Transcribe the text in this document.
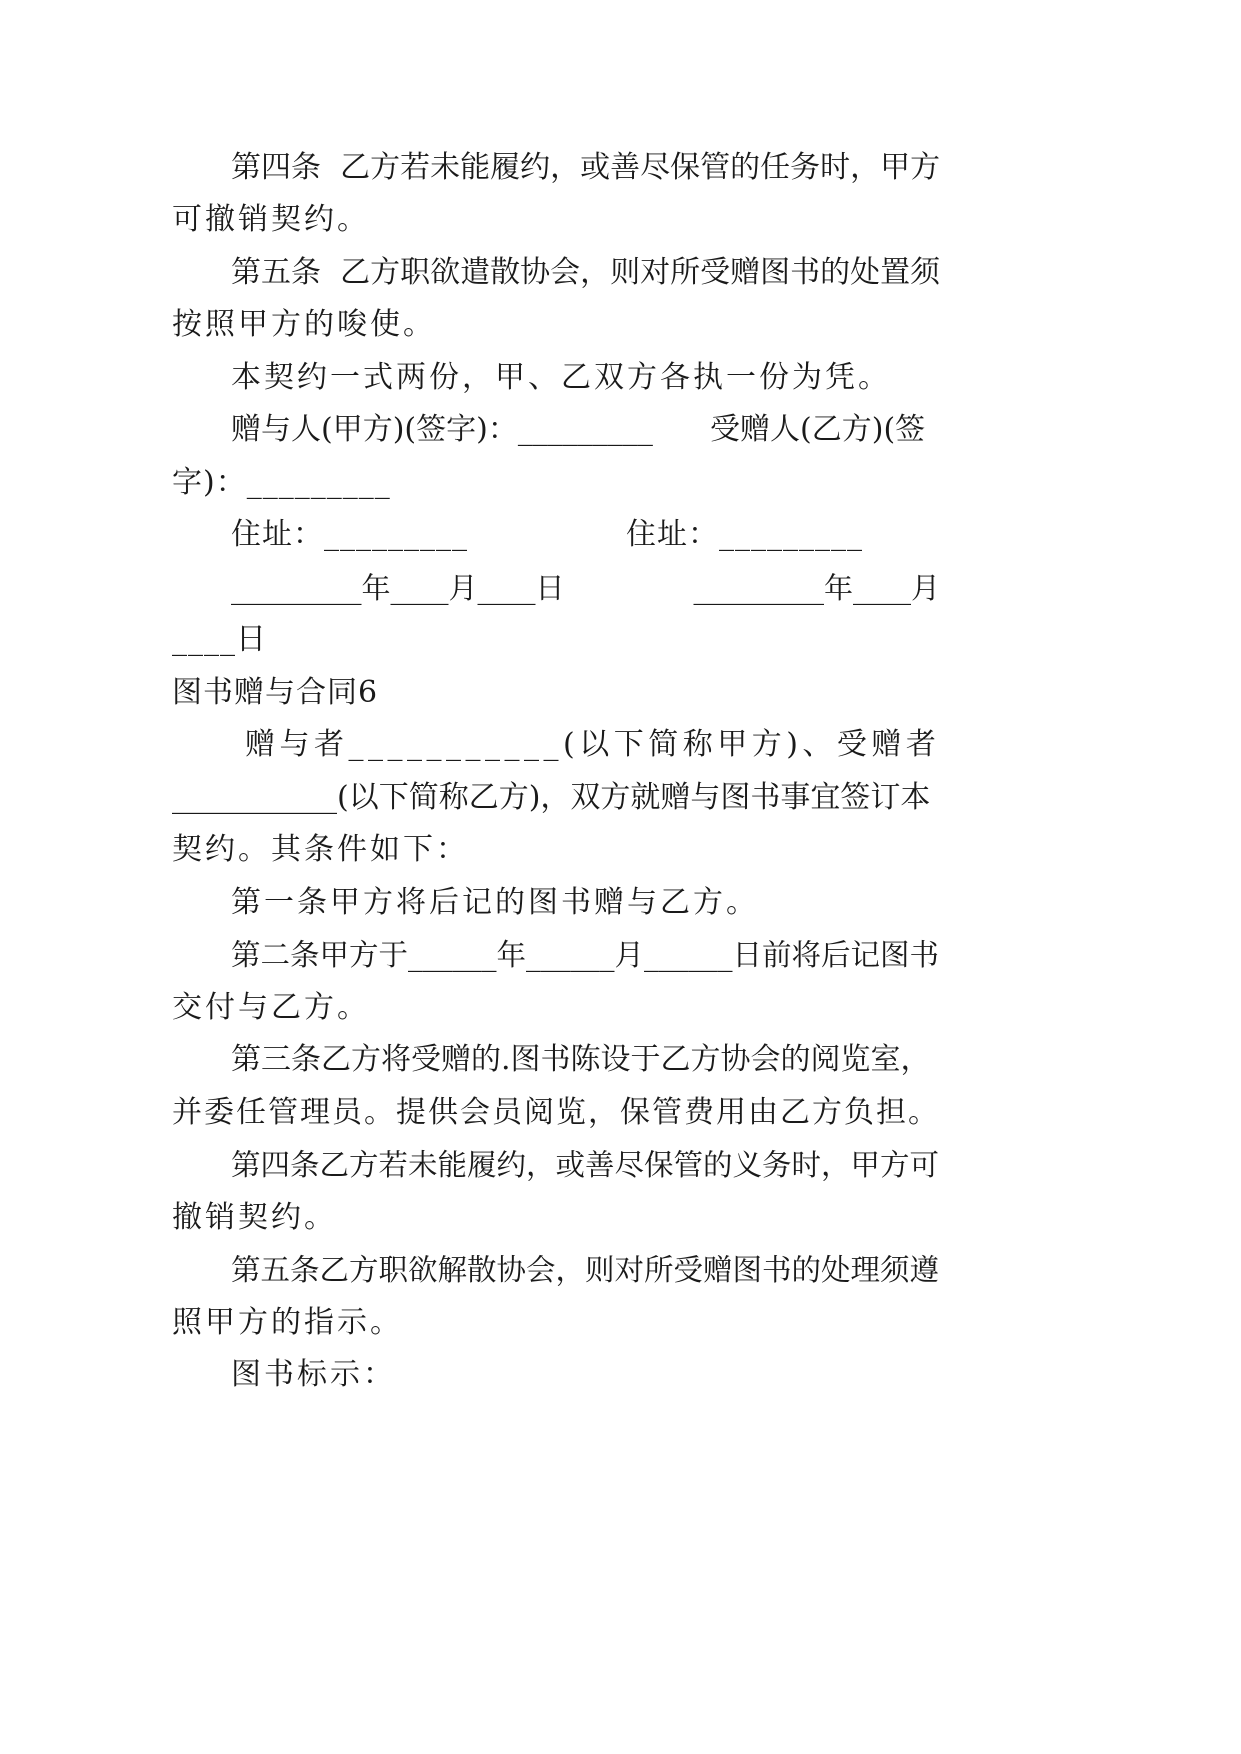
第四条  乙方若未能履约，或善尽保管的任务时，甲方
可撤销契约。
第五条  乙方职欲遣散协会，则对所受赠图书的处置须
按照甲方的唆使。
本契约一式两份，甲、乙双方各执一份为凭。
赠与人(甲方)(签字)：_________      受赠人(乙方)(签
字)：_________
住址：_________               住址：_________
_________年____月____日              _________年____月
____日
图书赠与合同6
赠与者___________(以下简称甲方)、受赠者
___________(以下简称乙方)，双方就赠与图书事宜签订本
契约。其条件如下：
第一条甲方将后记的图书赠与乙方。
第二条甲方于______年______月______日前将后记图书
交付与乙方。
第三条乙方将受赠的.图书陈设于乙方协会的阅览室，
并委任管理员。提供会员阅览，保管费用由乙方负担。
第四条乙方若未能履约，或善尽保管的义务时，甲方可
撤销契约。
第五条乙方职欲解散协会，则对所受赠图书的处理须遵
照甲方的指示。
图书标示：
